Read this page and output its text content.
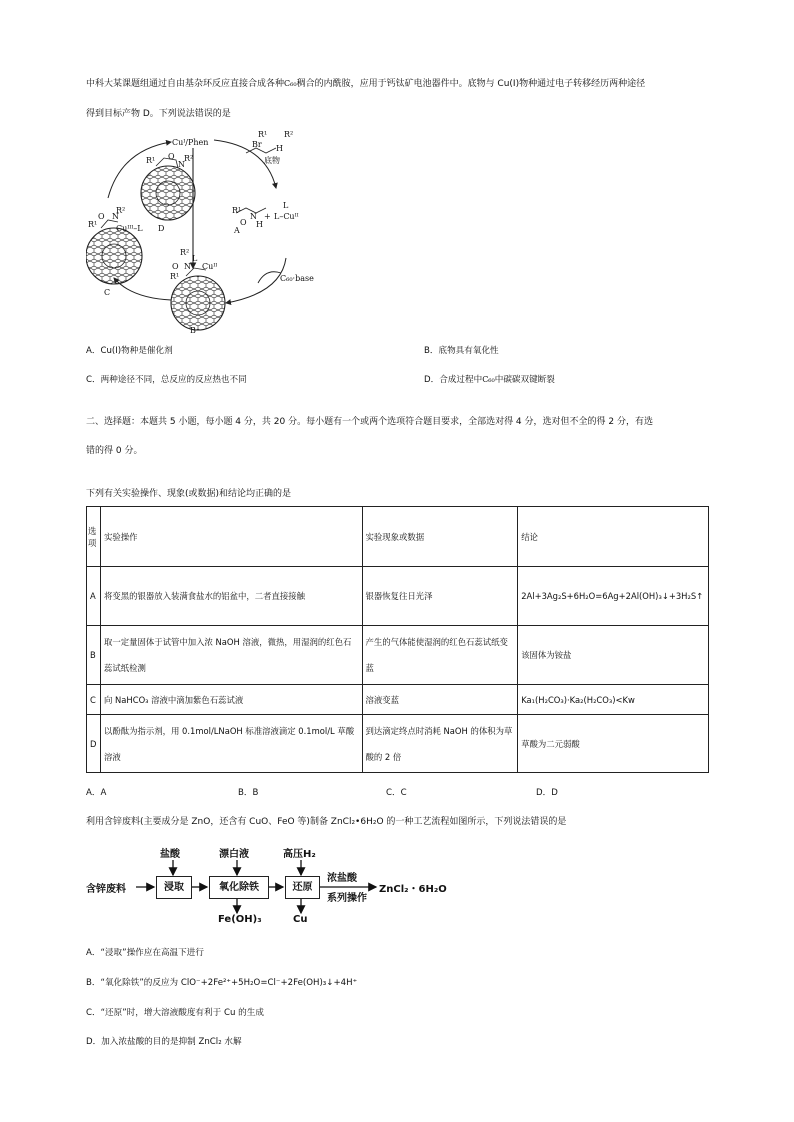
中科大某课题组通过自由基杂环反应直接合成各种C₆₀稠合的内酰胺，应用于钙钛矿电池器件中。底物与 Cu(Ⅰ)物种通过电子转移经历两种途径
得到目标产物 D。下列说法错误的是
Cuᴵ/Phen
R¹ R²
Br H
底物
L
+ L–Cuᴵᴵ
R¹
N
O H
A
C₆₀·base
R²
L
O N Cuᴵᴵ
R¹
B
R¹ O
N
R²
D
O N
R²
R¹ Cuᴵᴵᴵ–L
C
A．Cu(Ⅰ)物种是催化剂	B．底物具有氧化性
C．两种途径不同，总反应的反应热也不同	D．合成过程中C₆₀中碳碳双键断裂
二、选择题：本题共 5 小题，每小题 4 分，共 20 分。每小题有一个或两个选项符合题目要求，全部选对得 4 分，选对但不全的得 2 分，有选
错的得 0 分。
下列有关实验操作、现象(或数据)和结论均正确的是
选项	实验操作	实验现象或数据	结论
A	将变黑的银器放入装满食盐水的铝盆中，二者直接接触	银器恢复往日光泽	2Al+3Ag₂S+6H₂O=6Ag+2Al(OH)₃↓+3H₂S↑
B	取一定量固体于试管中加入浓 NaOH 溶液，微热，用湿润的红色石蕊试纸检测	产生的气体能使湿润的红色石蕊试纸变蓝	该固体为铵盐
C	向 NaHCO₃ 溶液中滴加紫色石蕊试液	溶液变蓝	Ka₁(H₂CO₃)·Ka₂(H₂CO₃)<Kw
D	以酚酞为指示剂，用 0.1mol/LNaOH 标准溶液滴定 0.1mol/L 草酸溶液	到达滴定终点时消耗 NaOH 的体积为草酸的 2 倍	草酸为二元弱酸
A．A	B．B	C．C	D．D
利用含锌废料(主要成分是 ZnO，还含有 CuO、FeO 等)制备 ZnCl₂•6H₂O 的一种工艺流程如图所示，下列说法错误的是
含锌废料	浸取	氧化除铁	还原
盐酸	漂白液	高压H₂
Fe(OH)₃	Cu
浓盐酸
系列操作
ZnCl₂・6H₂O
A．“浸取”操作应在高温下进行
B．“氧化除铁”的反应为 ClO⁻+2Fe²⁺+5H₂O=Cl⁻+2Fe(OH)₃↓+4H⁺
C．“还原”时，增大溶液酸度有利于 Cu 的生成
D．加入浓盐酸的目的是抑制 ZnCl₂ 水解
